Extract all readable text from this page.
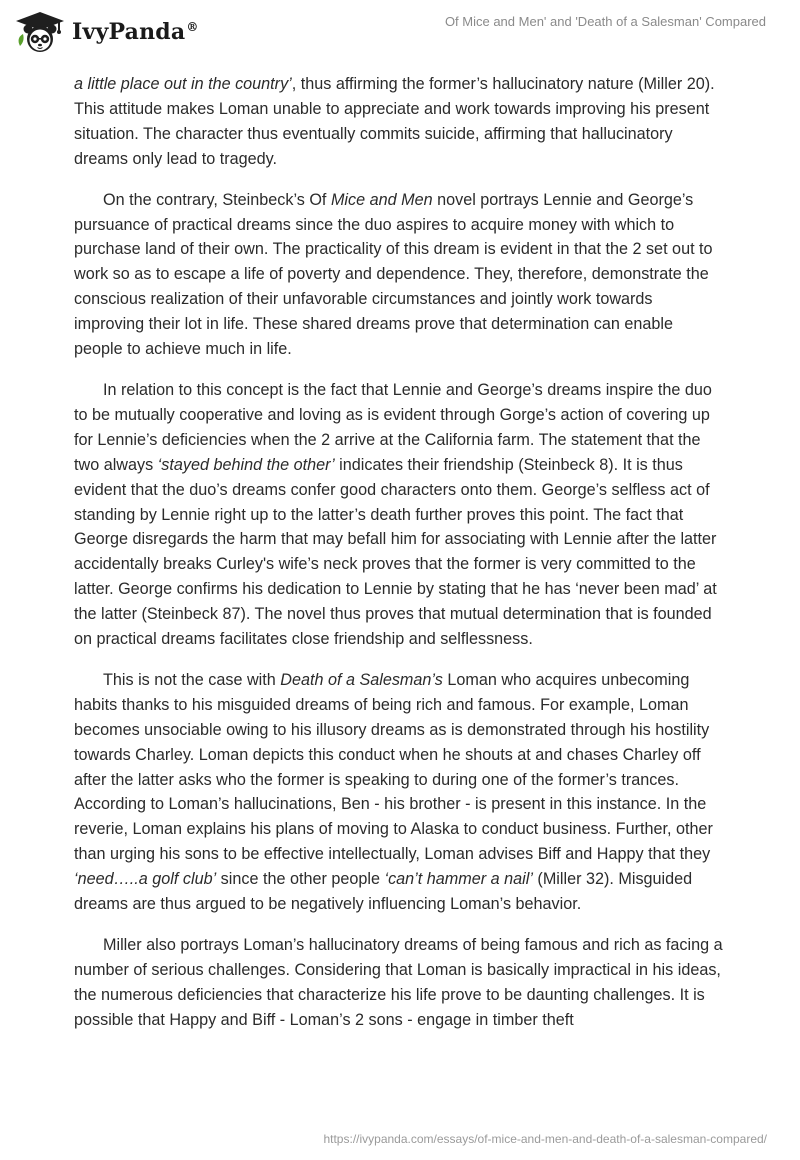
IvyPanda®	Of Mice and Men' and 'Death of a Salesman' Compared

a little place out in the country’, thus affirming the former’s hallucinatory nature (Miller 20). This attitude makes Loman unable to appreciate and work towards improving his present situation. The character thus eventually commits suicide, affirming that hallucinatory dreams only lead to tragedy.

On the contrary, Steinbeck’s Of Mice and Men novel portrays Lennie and George’s pursuance of practical dreams since the duo aspires to acquire money with which to purchase land of their own. The practicality of this dream is evident in that the 2 set out to work so as to escape a life of poverty and dependence. They, therefore, demonstrate the conscious realization of their unfavorable circumstances and jointly work towards improving their lot in life. These shared dreams prove that determination can enable people to achieve much in life.

In relation to this concept is the fact that Lennie and George’s dreams inspire the duo to be mutually cooperative and loving as is evident through Gorge’s action of covering up for Lennie’s deficiencies when the 2 arrive at the California farm. The statement that the two always ‘stayed behind the other’ indicates their friendship (Steinbeck 8). It is thus evident that the duo’s dreams confer good characters onto them. George’s selfless act of standing by Lennie right up to the latter’s death further proves this point. The fact that George disregards the harm that may befall him for associating with Lennie after the latter accidentally breaks Curley's wife’s neck proves that the former is very committed to the latter. George confirms his dedication to Lennie by stating that he has ‘never been mad’ at the latter (Steinbeck 87). The novel thus proves that mutual determination that is founded on practical dreams facilitates close friendship and selflessness.

This is not the case with Death of a Salesman’s Loman who acquires unbecoming habits thanks to his misguided dreams of being rich and famous. For example, Loman becomes unsociable owing to his illusory dreams as is demonstrated through his hostility towards Charley. Loman depicts this conduct when he shouts at and chases Charley off after the latter asks who the former is speaking to during one of the former’s trances. According to Loman’s hallucinations, Ben - his brother - is present in this instance. In the reverie, Loman explains his plans of moving to Alaska to conduct business. Further, other than urging his sons to be effective intellectually, Loman advises Biff and Happy that they ‘need…..a golf club’ since the other people ‘can’t hammer a nail’ (Miller 32). Misguided dreams are thus argued to be negatively influencing Loman’s behavior.

Miller also portrays Loman’s hallucinatory dreams of being famous and rich as facing a number of serious challenges. Considering that Loman is basically impractical in his ideas, the numerous deficiencies that characterize his life prove to be daunting challenges. It is possible that Happy and Biff - Loman’s 2 sons - engage in timber theft

https://ivypanda.com/essays/of-mice-and-men-and-death-of-a-salesman-compared/
